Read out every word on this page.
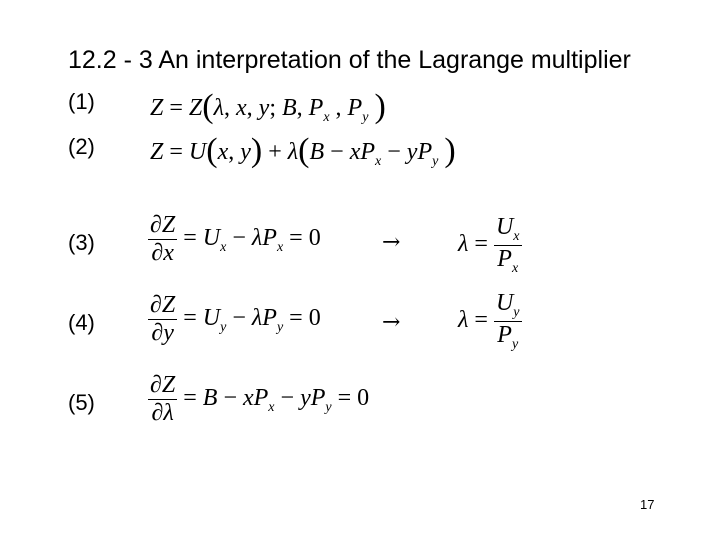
12.2 - 3 An interpretation of the Lagrange multiplier
(1) Z = Z(λ, x, y; B, $P_x$ , $P_y$ )
(2) Z = U(x, $y) + \lambda(B - xP_x - yP_y$ )
$(3) \frac{\partial Z}{\partial x} = U_x - \lambda P_x = 0$	→ $\lambda = \frac{U_x}{P_x}$
$(4) \frac{\partial Z}{\partial y} = U_y - \lambda P_y = 0$	→ $\lambda = \frac{U_y}{P_y}$
$(5) \frac{\partial Z}{\partial\lambda} = B - xP_x - yP_y = 0$
17
